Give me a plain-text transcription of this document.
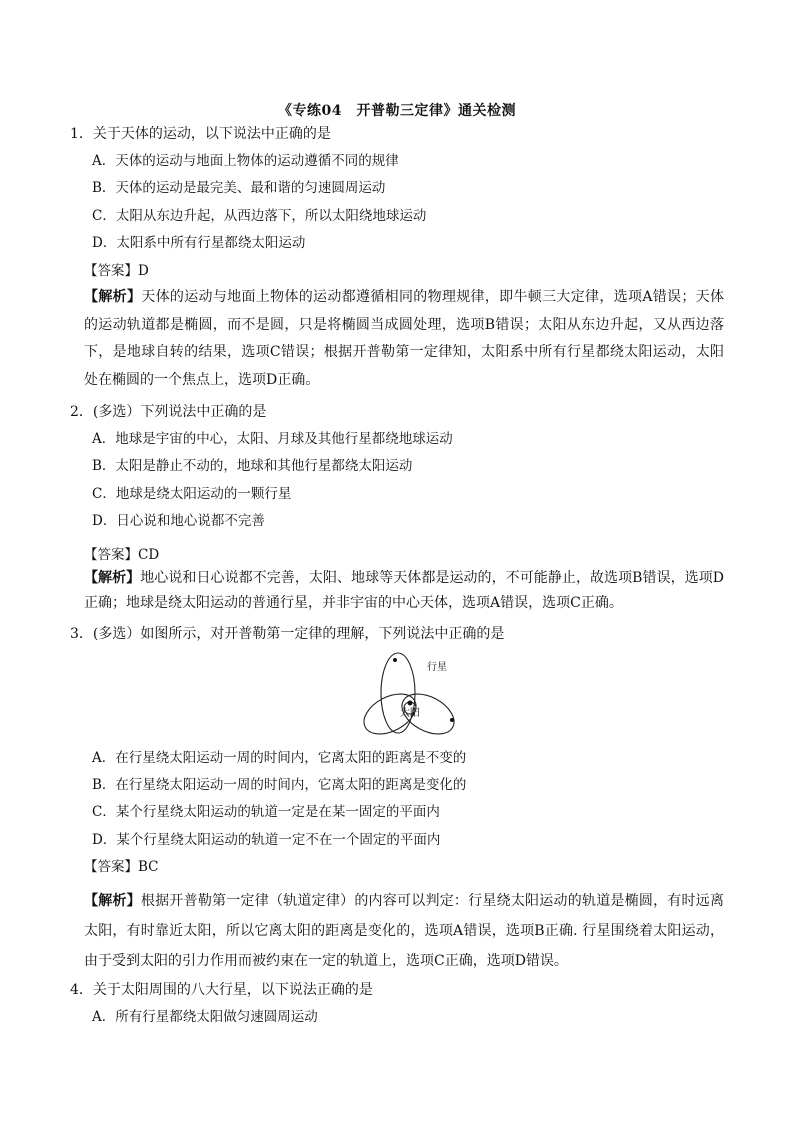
《专练04　开普勒三定律》通关检测
1．关于天体的运动，以下说法中正确的是
A．天体的运动与地面上物体的运动遵循不同的规律
B．天体的运动是最完美、最和谐的匀速圆周运动
C．太阳从东边升起，从西边落下，所以太阳绕地球运动
D．太阳系中所有行星都绕太阳运动
【答案】D
【解析】天体的运动与地面上物体的运动都遵循相同的物理规律，即牛顿三大定律，选项A错误；天体的运动轨道都是椭圆，而不是圆，只是将椭圆当成圆处理，选项B错误；太阳从东边升起，又从西边落下，是地球自转的结果，选项C错误；根据开普勒第一定律知，太阳系中所有行星都绕太阳运动，太阳处在椭圆的一个焦点上，选项D正确。
2．(多选）下列说法中正确的是
A．地球是宇宙的中心，太阳、月球及其他行星都绕地球运动
B．太阳是静止不动的，地球和其他行星都绕太阳运动
C．地球是绕太阳运动的一颗行星
D．日心说和地心说都不完善
【答案】CD
【解析】地心说和日心说都不完善，太阳、地球等天体都是运动的，不可能静止，故选项B错误，选项D正确；地球是绕太阳运动的普通行星，并非宇宙的中心天体，选项A错误，选项C正确。
3．(多选）如图所示，对开普勒第一定律的理解，下列说法中正确的是
行星
太阳
A．在行星绕太阳运动一周的时间内，它离太阳的距离是不变的
B．在行星绕太阳运动一周的时间内，它离太阳的距离是变化的
C．某个行星绕太阳运动的轨道一定是在某一固定的平面内
D．某个行星绕太阳运动的轨道一定不在一个固定的平面内
【答案】BC
【解析】根据开普勒第一定律（轨道定律）的内容可以判定：行星绕太阳运动的轨道是椭圆，有时远离太阳，有时靠近太阳，所以它离太阳的距离是变化的，选项A错误，选项B正确. 行星围绕着太阳运动，由于受到太阳的引力作用而被约束在一定的轨道上，选项C正确，选项D错误。
4．关于太阳周围的八大行星，以下说法正确的是
A．所有行星都绕太阳做匀速圆周运动
